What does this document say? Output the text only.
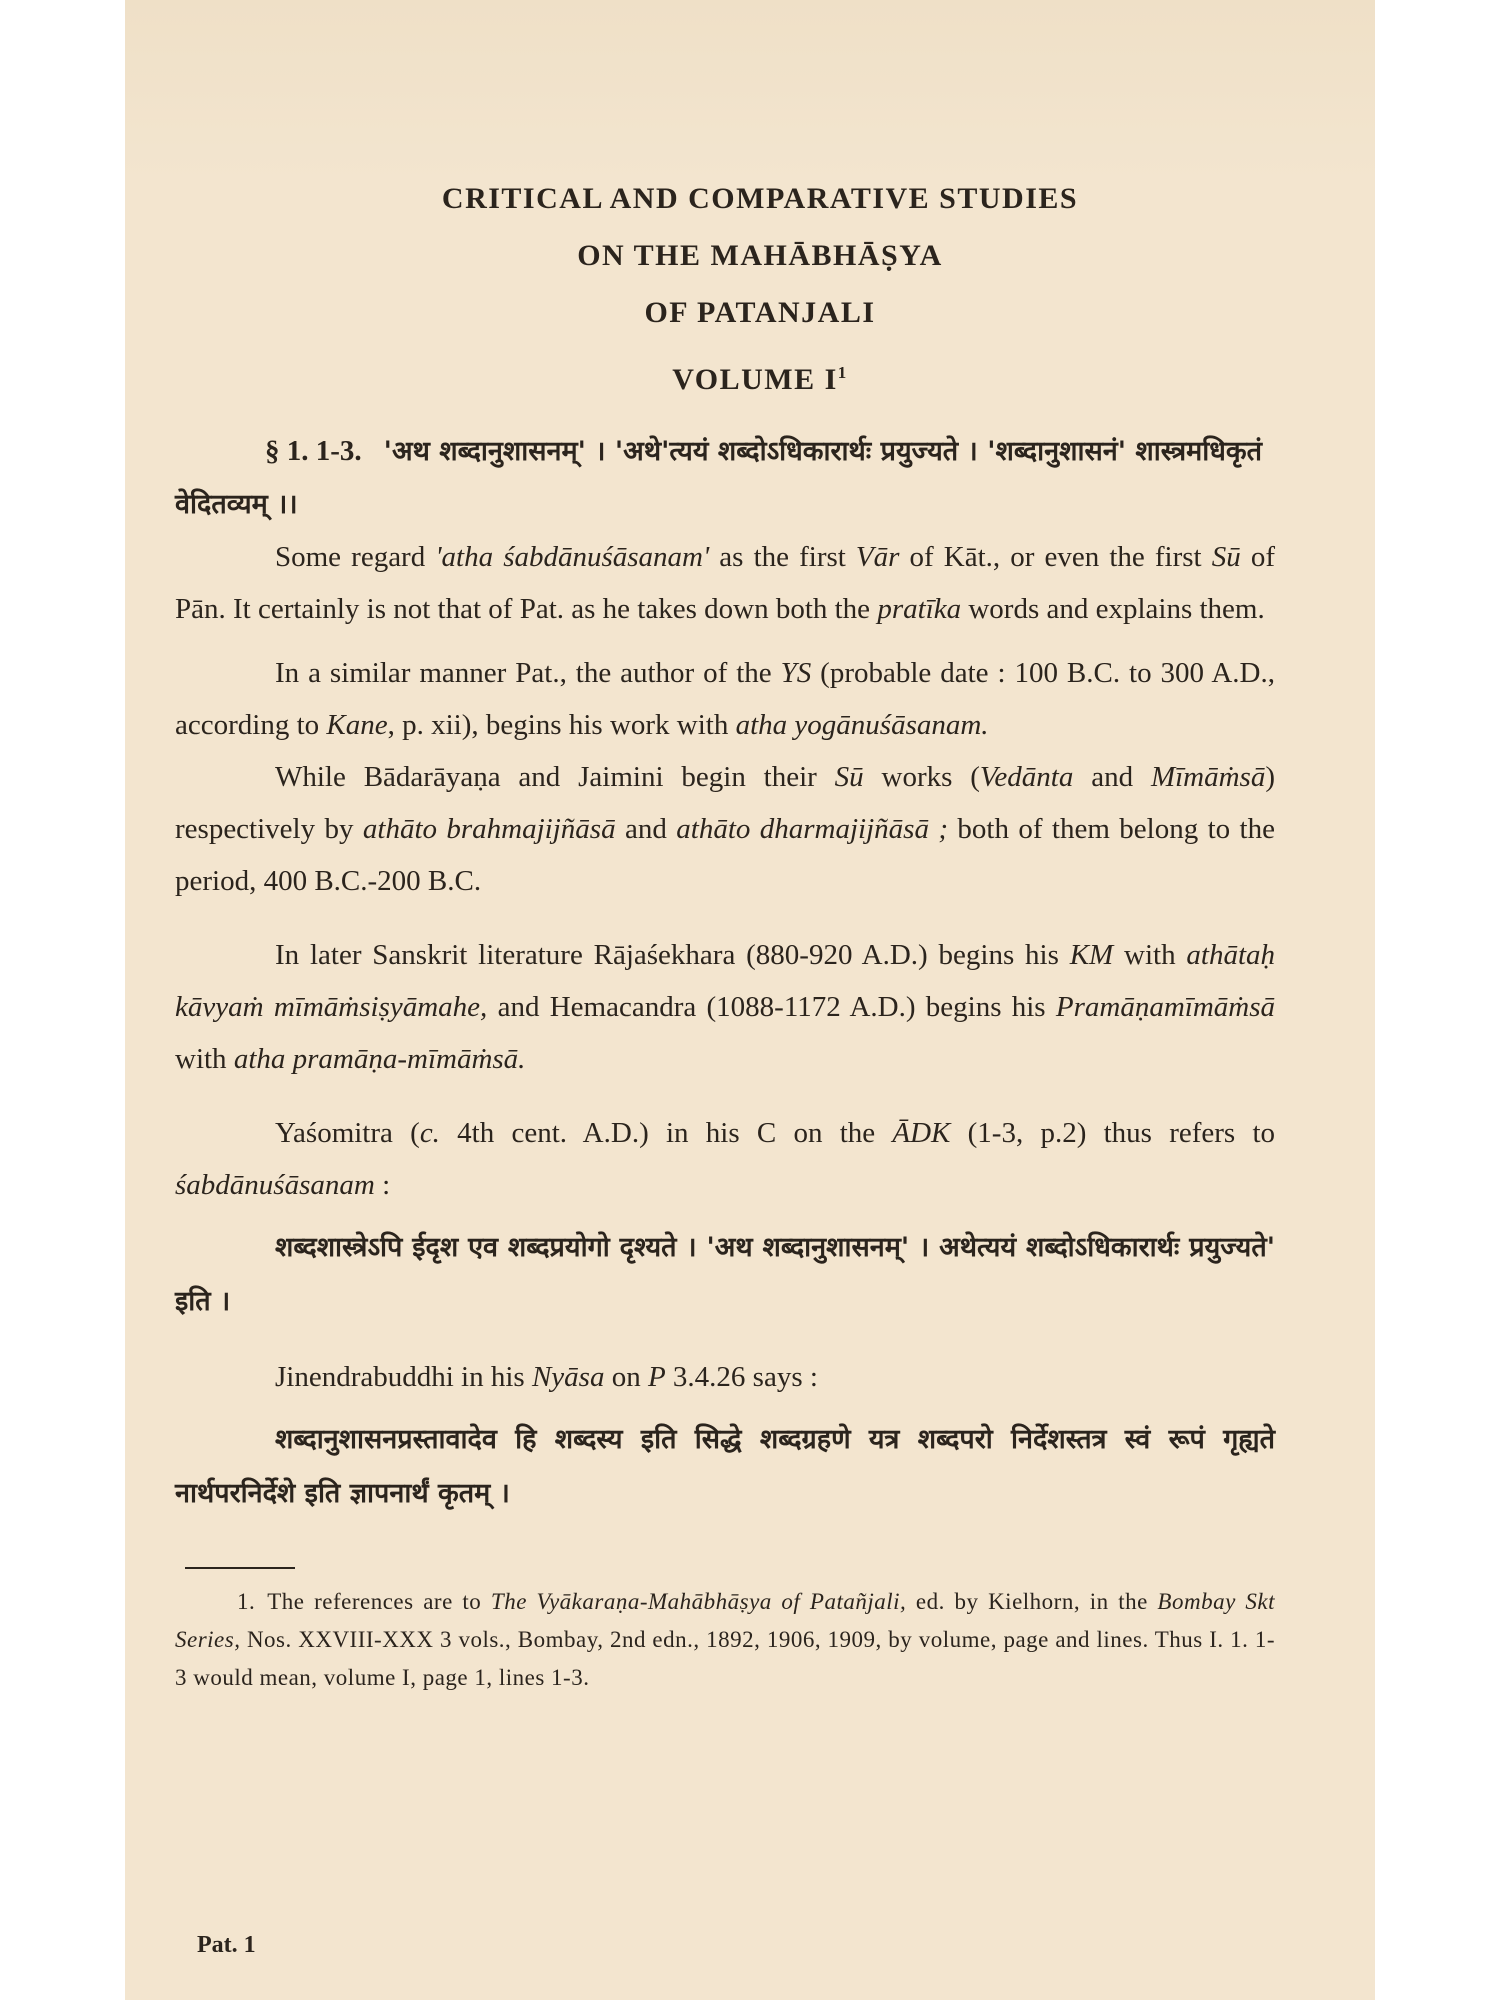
CRITICAL AND COMPARATIVE STUDIES

ON THE MAHĀBHĀṢYA

OF PATANJALI

VOLUME $I^1$

§ 1. 1-3. 'अथ शब्दानुशासनम्' । 'अथे'त्ययं शब्दोऽधिकारार्थः प्रयुज्यते । 'शब्दानुशासनं' शास्त्रमधिकृतं वेदितव्यम् ।।

Some regard 'atha śabdānuśāsanam' as the first Vār of Kāt., or even the first Sū of Pān. It certainly is not that of Pat. as he takes down both the pratīka words and explains them.

In a similar manner Pat., the author of the YS (probable date : 100 B.C. to 300 A.D., according to Kane, p. xii), begins his work with atha yogānuśāsanam.

While Bādarāyaṇa and Jaimini begin their Sū works (Vedānta and Mīmāṁsā) respectively by athāto brahmajijñāsā and athāto dharmajijñāsā ; both of them belong to the period, 400 B.C.-200 B.C.

In later Sanskrit literature Rājaśekhara (880-920 A.D.) begins his KM with athātaḥ kāvyaṁ mīmāṁsiṣyāmahe, and Hemacandra (1088-1172 A.D.) begins his Pramāṇamīmāṁsā with atha pramāṇa-mīmāṁsā.

Yaśomitra (c. 4th cent. A.D.) in his C on the ĀDK (1-3, p.2) thus refers to śabdānuśāsanam :

शब्दशास्त्रेऽपि ईदृश एव शब्दप्रयोगो दृश्यते । 'अथ शब्दानुशासनम्' । अथेत्ययं शब्दोऽधिकारार्थः प्रयुज्यते' इति ।

Jinendrabuddhi in his Nyāsa on P 3.4.26 says :

शब्दानुशासनप्रस्तावादेव हि शब्दस्य इति सिद्धे शब्दग्रहणे यत्र शब्दपरो निर्देशस्तत्र स्वं रूपं गृह्यते नार्थपरनिर्देशे इति ज्ञापनार्थं कृतम् ।

1. The references are to The Vyākaraṇa-Mahābhāṣya of Patañjali, ed. by Kielhorn, in the Bombay Skt Series, Nos. XXVIII-XXX 3 vols., Bombay, 2nd edn., 1892, 1906, 1909, by volume, page and lines. Thus I. 1. 1-3 would mean, volume I, page 1, lines 1-3.

Pat. 1
